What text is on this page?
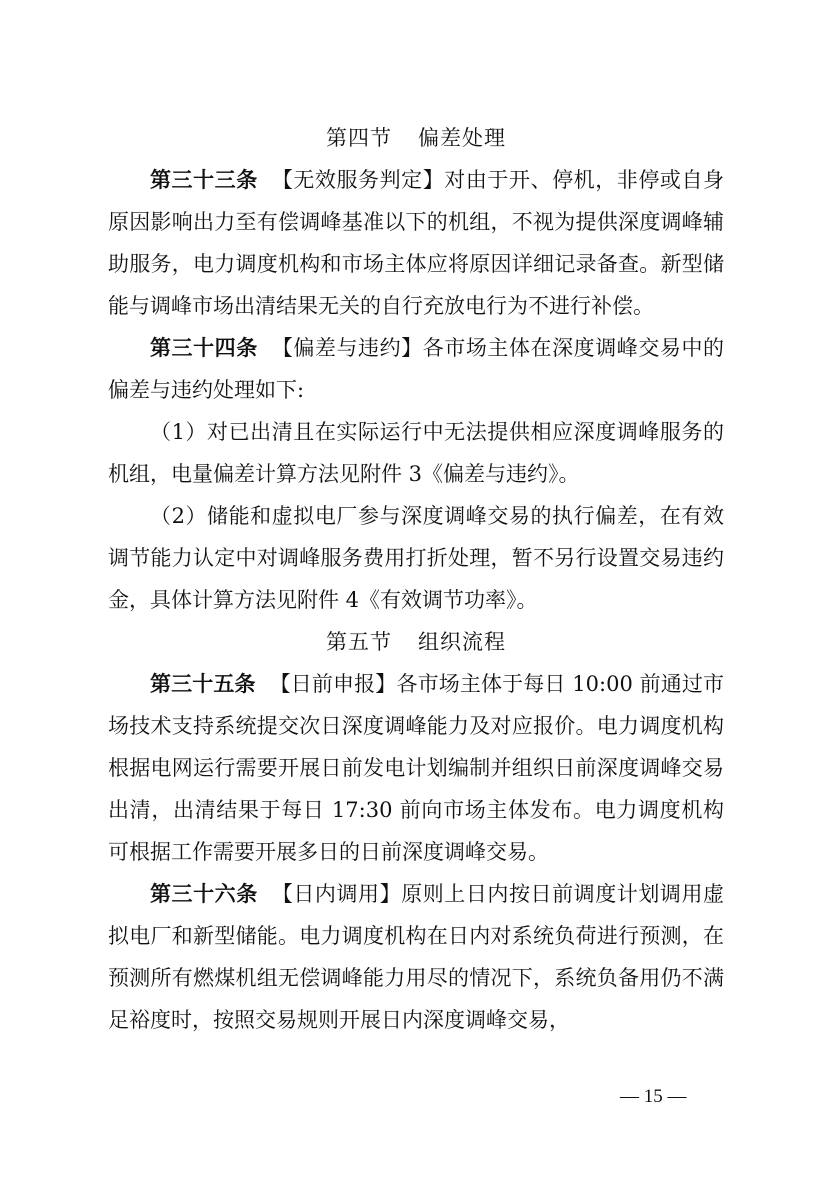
第四节 偏差处理

第三十三条 【无效服务判定】对由于开、停机，非停或自身原因影响出力至有偿调峰基准以下的机组，不视为提供深度调峰辅助服务，电力调度机构和市场主体应将原因详细记录备查。新型储能与调峰市场出清结果无关的自行充放电行为不进行补偿。

第三十四条 【偏差与违约】各市场主体在深度调峰交易中的偏差与违约处理如下:

（1）对已出清且在实际运行中无法提供相应深度调峰服务的机组，电量偏差计算方法见附件 3《偏差与违约》。

（2）储能和虚拟电厂参与深度调峰交易的执行偏差，在有效调节能力认定中对调峰服务费用打折处理，暂不另行设置交易违约金，具体计算方法见附件 4《有效调节功率》。

第五节 组织流程

第三十五条 【日前申报】各市场主体于每日 10:00 前通过市场技术支持系统提交次日深度调峰能力及对应报价。电力调度机构根据电网运行需要开展日前发电计划编制并组织日前深度调峰交易出清，出清结果于每日 17:30 前向市场主体发布。电力调度机构可根据工作需要开展多日的日前深度调峰交易。

第三十六条 【日内调用】原则上日内按日前调度计划调用虚拟电厂和新型储能。电力调度机构在日内对系统负荷进行预测，在预测所有燃煤机组无偿调峰能力用尽的情况下，系统负备用仍不满足裕度时，按照交易规则开展日内深度调峰交易，

— 15 —
